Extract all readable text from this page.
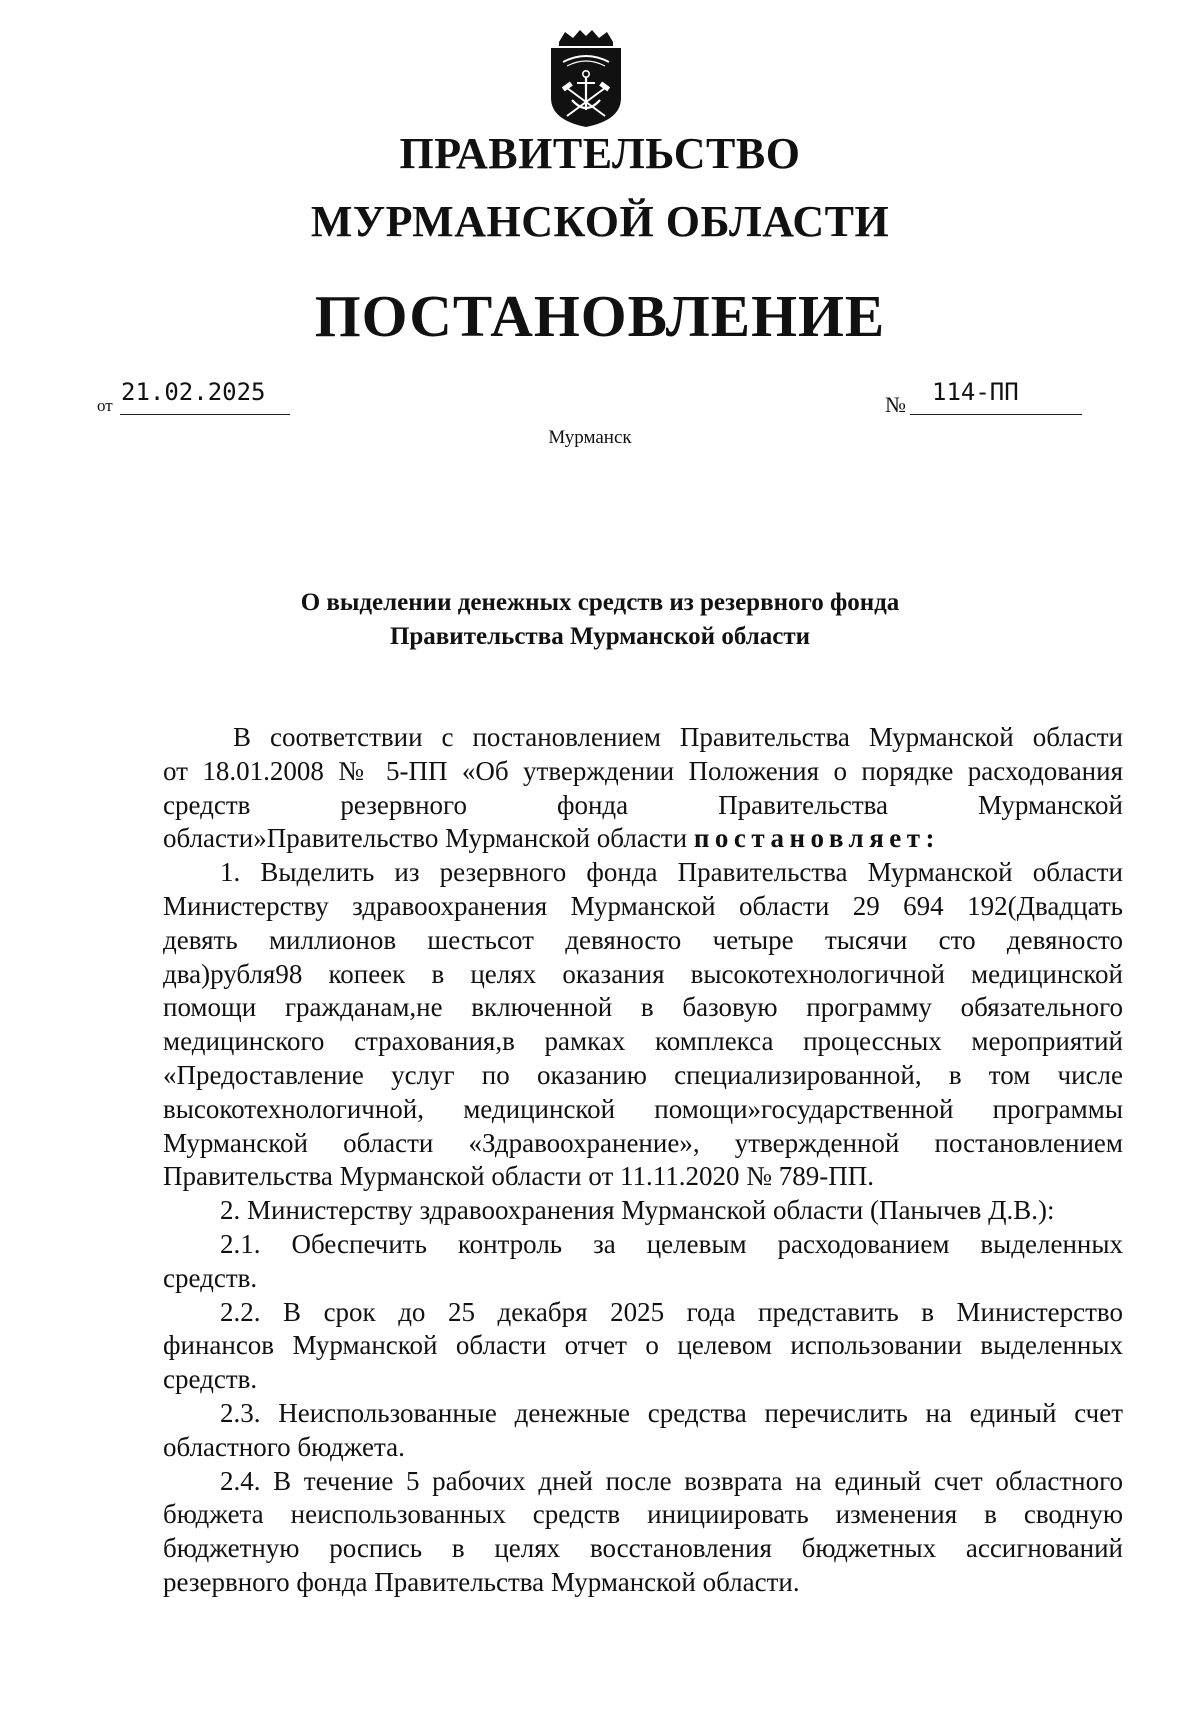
ПРАВИТЕЛЬСТВО
МУРМАНСКОЙ ОБЛАСТИ
ПОСТАНОВЛЕНИЕ
от 21.02.2025	№ 114-ПП
Мурманск
О выделении денежных средств из резервного фонда
Правительства Мурманской области
В соответствии с постановлением Правительства Мурманской области
от 18.01.2008 № 5-ПП «Об утверждении Положения о порядке расходования
средств резервного фонда Правительства Мурманской
области»Правительство Мурманской области постановляет:
1. Выделить из резервного фонда Правительства Мурманской области
Министерству здравоохранения Мурманской области 29 694 192(Двадцать
девять миллионов шестьсот девяносто четыре тысячи сто девяносто
два)рубля98 копеек в целях оказания высокотехнологичной медицинской
помощи гражданам,не включенной в базовую программу обязательного
медицинского страхования,в рамках комплекса процессных мероприятий
«Предоставление услуг по оказанию специализированной, в том числе
высокотехнологичной, медицинской помощи»государственной программы
Мурманской области «Здравоохранение», утвержденной постановлением
Правительства Мурманской области от 11.11.2020 № 789-ПП.
2. Министерству здравоохранения Мурманской области (Панычев Д.В.):
2.1. Обеспечить контроль за целевым расходованием выделенных
средств.
2.2. В срок до 25 декабря 2025 года представить в Министерство
финансов Мурманской области отчет о целевом использовании выделенных
средств.
2.3. Неиспользованные денежные средства перечислить на единый счет
областного бюджета.
2.4. В течение 5 рабочих дней после возврата на единый счет областного
бюджета неиспользованных средств инициировать изменения в сводную
бюджетную роспись в целях восстановления бюджетных ассигнований
резервного фонда Правительства Мурманской области.
